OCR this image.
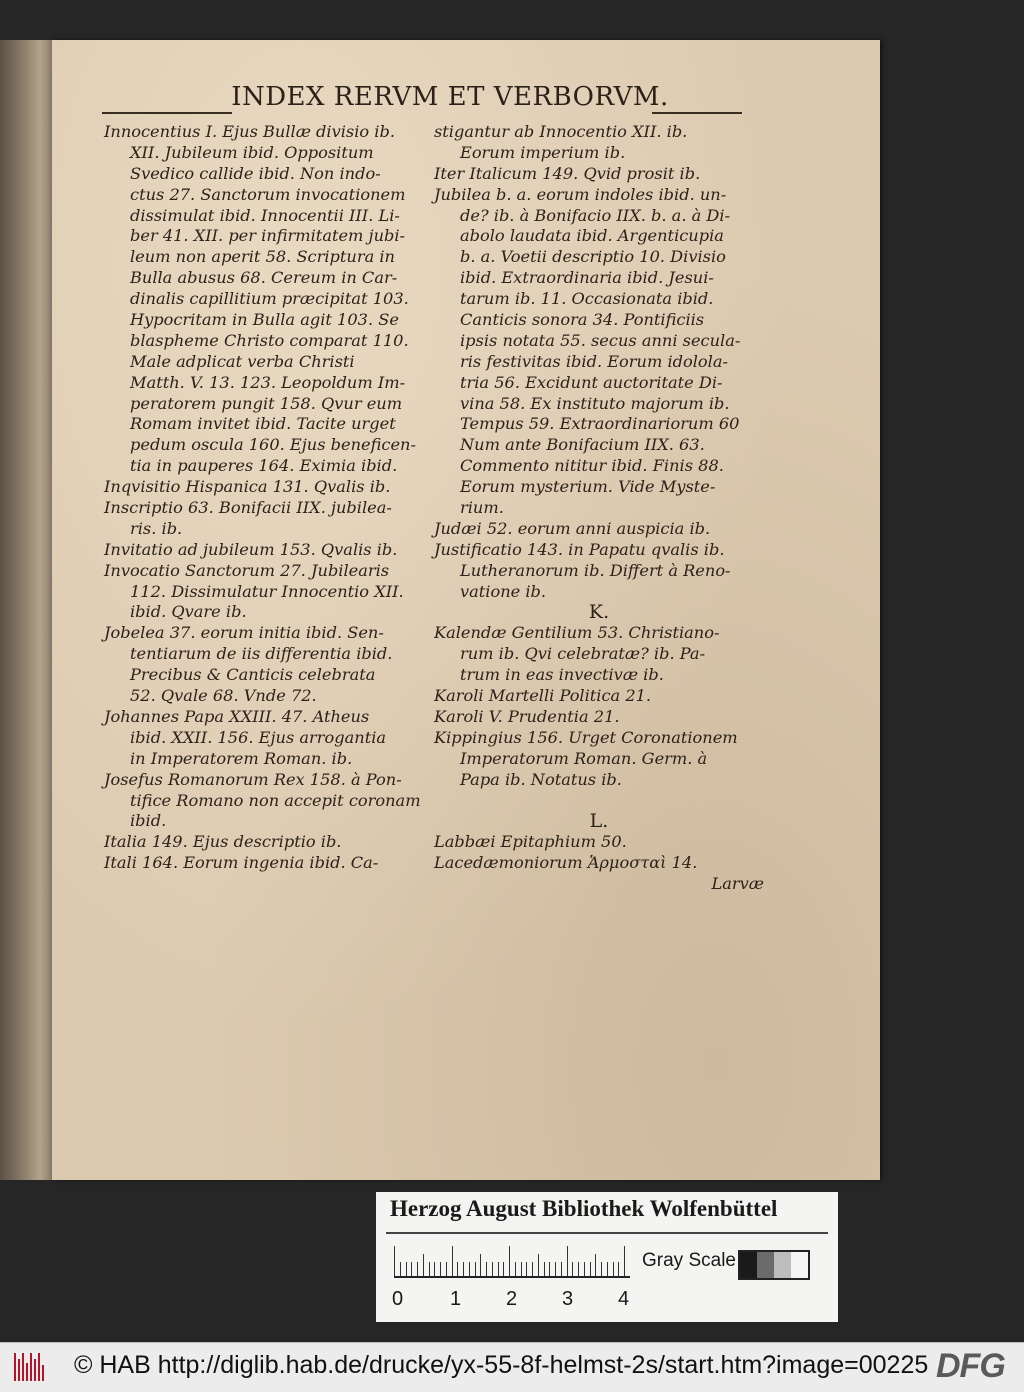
INDEX RERVM ET VERBORVM.
Innocentius I. Ejus Bullæ divisio ib.
XII. Jubileum ibid. Oppositum
Svedico callide ibid. Non indo-
ctus 27. Sanctorum invocationem
dissimulat ibid. Innocentii III. Li-
ber 41. XII. per infirmitatem jubi-
leum non aperit 58. Scriptura in
Bulla abusus 68. Cereum in Car-
dinalis capillitium præcipitat 103.
Hypocritam in Bulla agit 103. Se
blaspheme Christo comparat 110.
Male adplicat verba Christi
Matth. V. 13. 123. Leopoldum Im-
peratorem pungit 158. Qvur eum
Romam invitet ibid. Tacite urget
pedum oscula 160. Ejus beneficen-
tia in pauperes 164. Eximia ibid.
Inqvisitio Hispanica 131. Qvalis ib.
Inscriptio 63. Bonifacii IIX. jubilea-
ris. ib.
Invitatio ad jubileum 153. Qvalis ib.
Invocatio Sanctorum 27. Jubilearis
112. Dissimulatur Innocentio XII.
ibid. Qvare ib.
Jobelea 37. eorum initia ibid. Sen-
tentiarum de iis differentia ibid.
Precibus & Canticis celebrata
52. Qvale 68. Vnde 72.
Johannes Papa XXIII. 47. Atheus
ibid. XXII. 156. Ejus arrogantia
in Imperatorem Roman. ib.
Josefus Romanorum Rex 158. à Pon-
tifice Romano non accepit coronam
ibid.
Italia 149. Ejus descriptio ib.
Itali 164. Eorum ingenia ibid. Ca-
stigantur ab Innocentio XII. ib.
Eorum imperium ib.
Iter Italicum 149. Qvid prosit ib.
Jubilea b. a. eorum indoles ibid. un-
de? ib. à Bonifacio IIX. b. a. à Di-
abolo laudata ibid. Argenticupia
b. a. Voetii descriptio 10. Divisio
ibid. Extraordinaria ibid. Jesui-
tarum ib. 11. Occasionata ibid.
Canticis sonora 34. Pontificiis
ipsis notata 55. secus anni secula-
ris festivitas ibid. Eorum idolola-
tria 56. Excidunt auctoritate Di-
vina 58. Ex instituto majorum ib.
Tempus 59. Extraordinariorum 60
Num ante Bonifacium IIX. 63.
Commento nititur ibid. Finis 88.
Eorum mysterium. Vide Myste-
rium.
Judæi 52. eorum anni auspicia ib.
Justificatio 143. in Papatu qvalis ib.
Lutheranorum ib. Differt à Reno-
vatione ib.
K.
Kalendæ Gentilium 53. Christiano-
rum ib. Qvi celebratæ? ib. Pa-
trum in eas invectivæ ib.
Karoli Martelli Politica 21.
Karoli V. Prudentia 21.
Kippingius 156. Urget Coronationem
Imperatorum Roman. Germ. à
Papa ib. Notatus ib.
L.
Labbæi Epitaphium 50.
Lacedæmoniorum Ἁρμοσταὶ 14.
Larvæ
Herzog August Bibliothek Wolfenbüttel
Gray Scale
0 1 2 3 4
© HAB http://diglib.hab.de/drucke/yx-55-8f-helmst-2s/start.htm?image=00225 DFG
